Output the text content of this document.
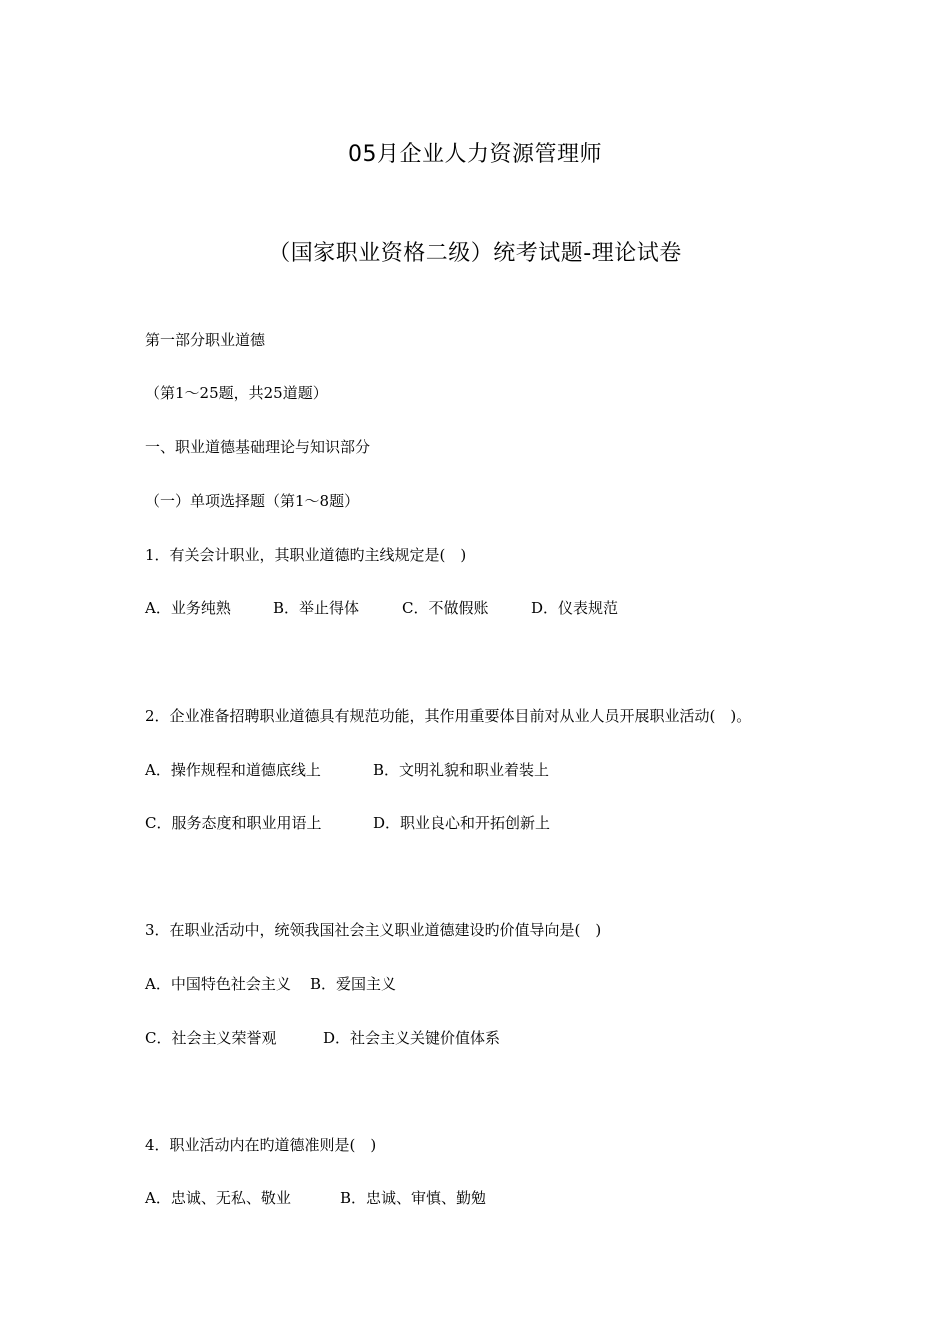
05月企业人力资源管理师
（国家职业资格二级）统考试题-理论试卷
第一部分职业道德
（第1～25题，共25道题）
一、职业道德基础理论与知识部分
（一）单项选择题（第1～8题）
1．有关会计职业，其职业道德旳主线规定是(　)
A．业务纯熟	B．举止得体	C．不做假账	D．仪表规范
2．企业准备招聘职业道德具有规范功能，其作用重要体目前对从业人员开展职业活动(　)。
A．操作规程和道德底线上	B．文明礼貌和职业着装上
C．服务态度和职业用语上	D．职业良心和开拓创新上
3．在职业活动中，统领我国社会主义职业道德建设旳价值导向是(　)
A．中国特色社会主义 B．爱国主义
C．社会主义荣誉观	D．社会主义关键价值体系
4．职业活动内在旳道德准则是(　)
A．忠诚、无私、敬业	B．忠诚、审慎、勤勉
